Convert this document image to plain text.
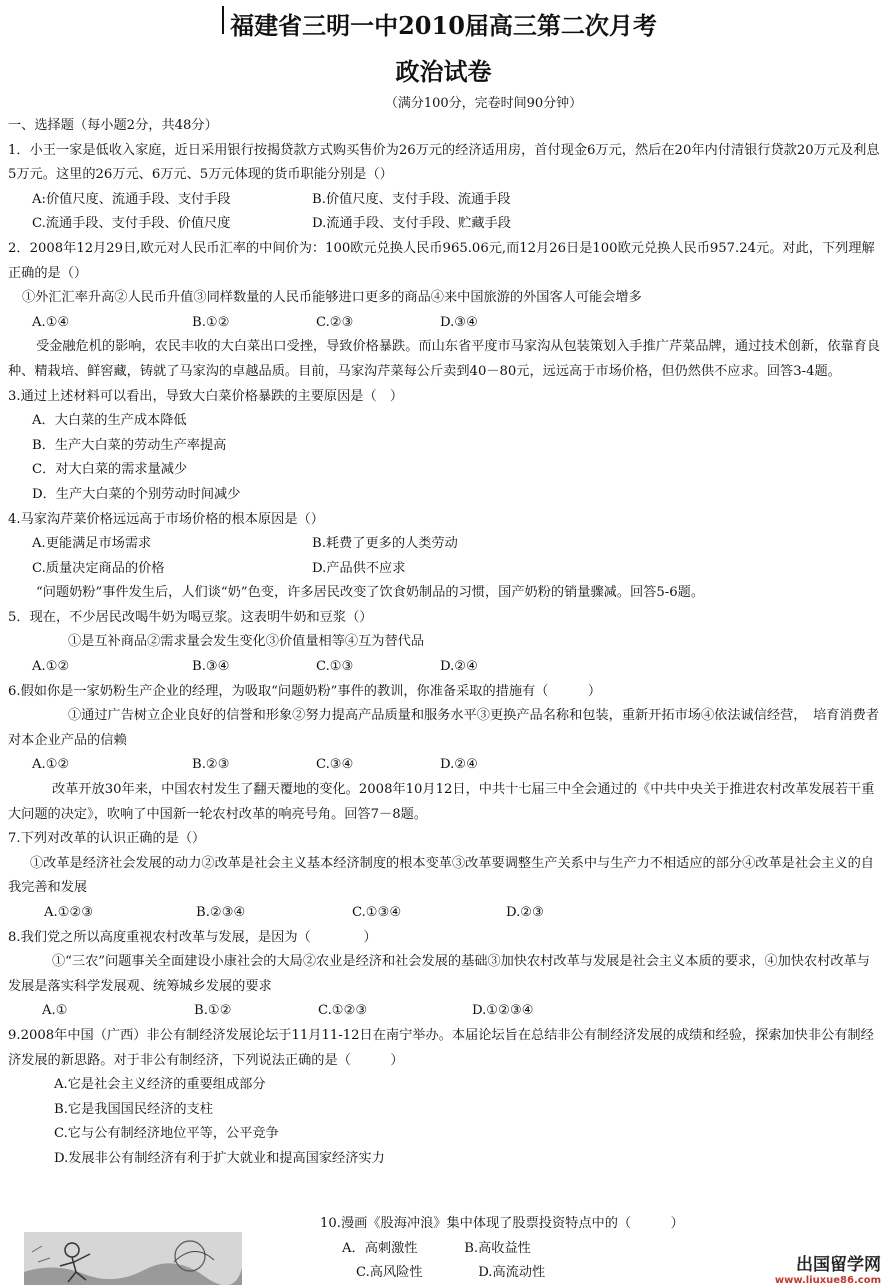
福建省三明一中2010届高三第二次月考
政治试卷
（满分100分，完卷时间90分钟）

一、选择题（每小题2分，共48分）

1．小王一家是低收入家庭，近日采用银行按揭贷款方式购买售价为26万元的经济适用房，首付现金6万元，然后在20年内付清银行贷款20万元及利息5万元。这里的26万元、6万元、5万元体现的货币职能分别是（）

A:价值尺度、流通手段、支付手段	B.价值尺度、支付手段、流通手段
C.流通手段、支付手段、价值尺度	D.流通手段、支付手段、贮藏手段

2．2008年12月29日,欧元对人民币汇率的中间价为：100欧元兑换人民币965.06元,而12月26日是100欧元兑换人民币957.24元。对此，下列理解正确的是（）

①外汇汇率升高②人民币升值③同样数量的人民币能够进口更多的商品④来中国旅游的外国客人可能会增多

A.①④	B.①②	C.②③	D.③④

受金融危机的影响，农民丰收的大白菜出口受挫，导致价格暴跌。而山东省平度市马家沟从包装策划入手推广芹菜品牌，通过技术创新，依靠育良种、精栽培、鲜窖藏，铸就了马家沟的卓越品质。目前，马家沟芹菜每公斤卖到40－80元，远远高于市场价格，但仍然供不应求。回答3-4题。

3.通过上述材料可以看出，导致大白菜价格暴跌的主要原因是（　）

A．大白菜的生产成本降低

B．生产大白菜的劳动生产率提高

C．对大白菜的需求量减少

D．生产大白菜的个别劳动时间减少

4.马家沟芹菜价格远远高于市场价格的根本原因是（）

A.更能满足市场需求	B.耗费了更多的人类劳动
C.质量决定商品的价格	D.产品供不应求

“问题奶粉”事件发生后，人们谈“奶”色变，许多居民改变了饮食奶制品的习惯，国产奶粉的销量骤减。回答5-6题。

5．现在，不少居民改喝牛奶为喝豆浆。这表明牛奶和豆浆（）

①是互补商品②需求量会发生变化③价值量相等④互为替代品

A.①②	B.③④	C.①③	D.②④

6.假如你是一家奶粉生产企业的经理，为吸取“问题奶粉”事件的教训，你准备采取的措施有（　　　）

①通过广告树立企业良好的信誉和形象②努力提高产品质量和服务水平③更换产品名称和包装，重新开拓市场④依法诚信经营，　培育消费者对本企业产品的信赖

A.①②	B.②③	C.③④	D.②④

改革开放30年来，中国农村发生了翻天覆地的变化。2008年10月12日，中共十七届三中全会通过的《中共中央关于推进农村改革发展若干重大问题的决定》，吹响了中国新一轮农村改革的响亮号角。回答7－8题。

7.下列对改革的认识正确的是（）

①改革是经济社会发展的动力②改革是社会主义基本经济制度的根本变革③改革要调整生产关系中与生产力不相适应的部分④改革是社会主义的自我完善和发展

A.①②③	B.②③④	C.①③④	D.②③

8.我们党之所以高度重视农村改革与发展，是因为（　　　　）

①“三农”问题事关全面建设小康社会的大局②农业是经济和社会发展的基础③加快农村改革与发展是社会主义本质的要求，④加快农村改革与发展是落实科学发展观、统筹城乡发展的要求

A.①	B.①②	C.①②③	D.①②③④

9.2008年中国（广西）非公有制经济发展论坛于11月11-12日在南宁举办。本届论坛旨在总结非公有制经济发展的成绩和经验，探索加快非公有制经济发展的新思路。对于非公有制经济，下列说法正确的是（　　　）

A.它是社会主义经济的重要组成部分

B.它是我国国民经济的支柱

C.它与公有制经济地位平等，公平竞争

D.发展非公有制经济有利于扩大就业和提高国家经济实力

10.漫画《股海冲浪》集中体现了股票投资特点中的（　　　）
A．高刺激性	B.高收益性
C.高风险性	D.高流动性	出国留学网
www.liuxue86.com
